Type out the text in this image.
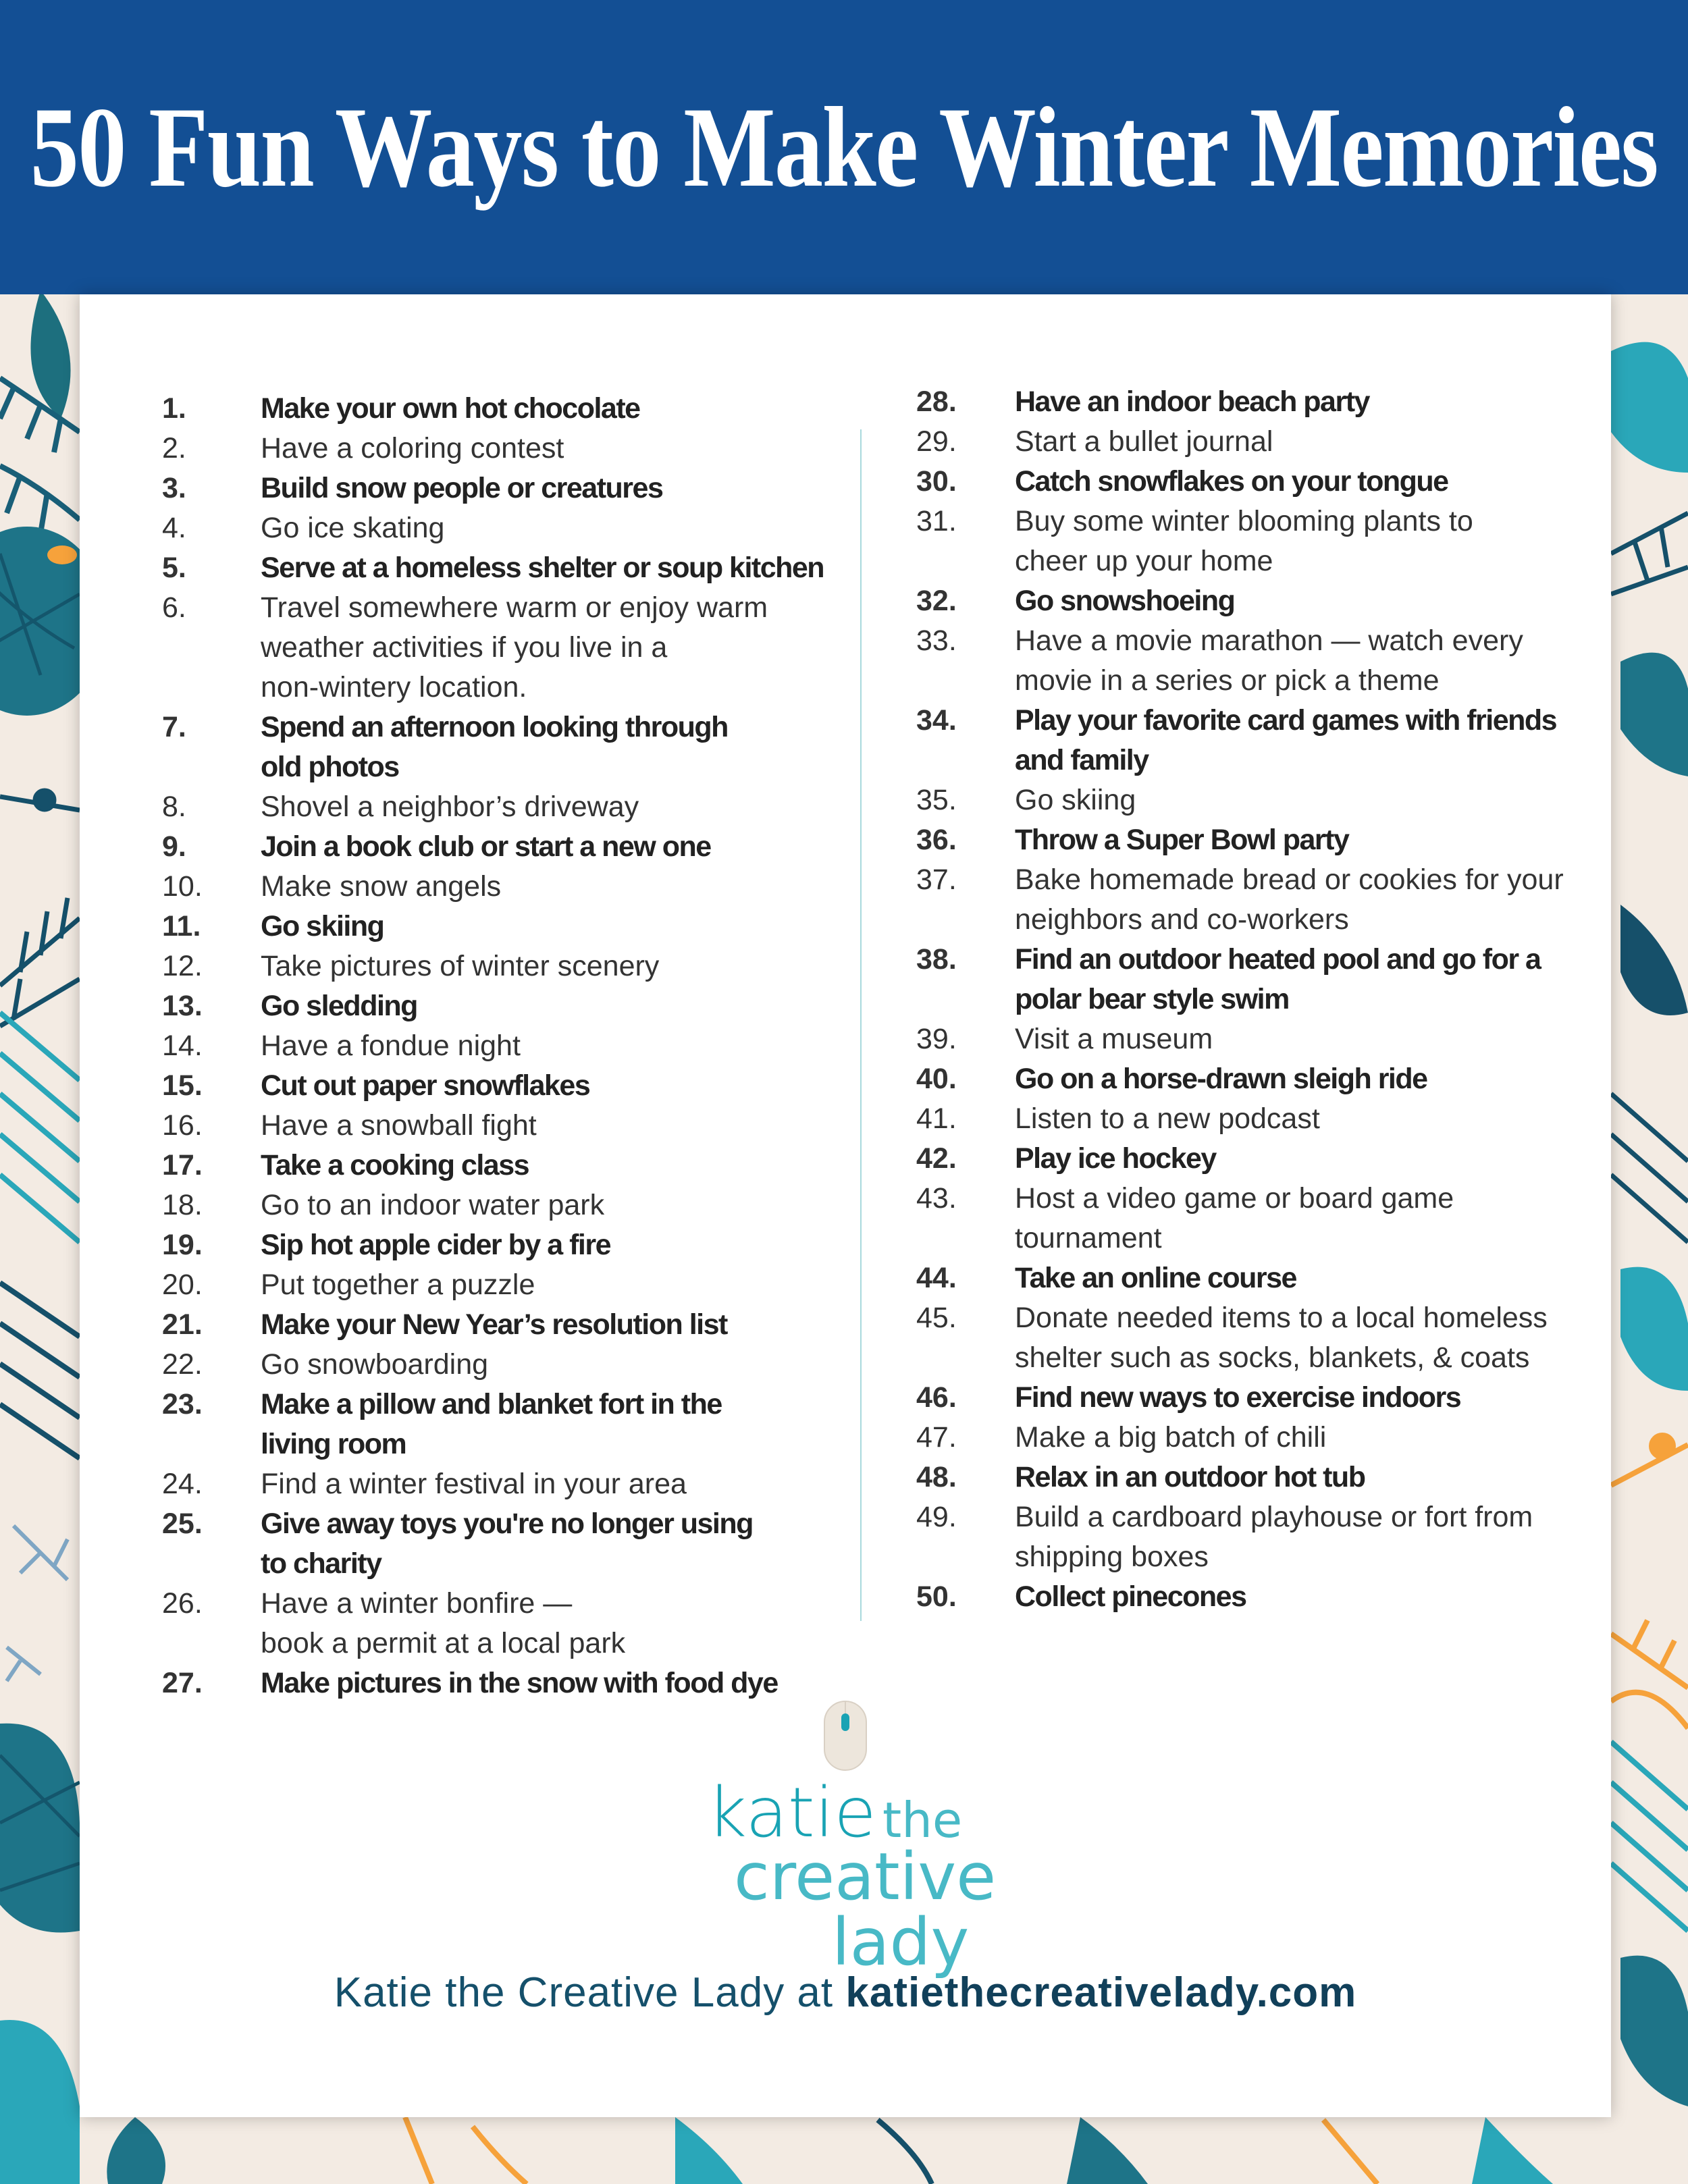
50 Fun Ways to Make Winter Memories
1.	Make your own hot chocolate
2.	Have a coloring contest
3.	Build snow people or creatures
4.	Go ice skating
5.	Serve at a homeless shelter or soup kitchen
6.	Travel somewhere warm or enjoy warm
weather activities if you live in a
non-wintery location.
7.	Spend an afternoon looking through
old photos
8.	Shovel a neighbor’s driveway
9.	Join a book club or start a new one
10.	Make snow angels
11.	Go skiing
12.	Take pictures of winter scenery
13.	Go sledding
14.	Have a fondue night
15.	Cut out paper snowflakes
16.	Have a snowball fight
17.	Take a cooking class
18.	Go to an indoor water park
19.	Sip hot apple cider by a fire
20.	Put together a puzzle
21.	Make your New Year’s resolution list
22.	Go snowboarding
23.	Make a pillow and blanket fort in the
living room
24.	Find a winter festival in your area
25.	Give away toys you're no longer using
to charity
26.	Have a winter bonfire —
book a permit at a local park
27.	Make pictures in the snow with food dye
28.	Have an indoor beach party
29.	Start a bullet journal
30.	Catch snowflakes on your tongue
31.	Buy some winter blooming plants to
cheer up your home
32.	Go snowshoeing
33.	Have a movie marathon — watch every
movie in a series or pick a theme
34.	Play your favorite card games with friends
and family
35.	Go skiing
36.	Throw a Super Bowl party
37.	Bake homemade bread or cookies for your
neighbors and co-workers
38.	Find an outdoor heated pool and go for a
polar bear style swim
39.	Visit a museum
40.	Go on a horse-drawn sleigh ride
41.	Listen to a new podcast
42.	Play ice hockey
43.	Host a video game or board game
tournament
44.	Take an online course
45.	Donate needed items to a local homeless
shelter such as socks, blankets, & coats
46.	Find new ways to exercise indoors
47.	Make a big batch of chili
48.	Relax in an outdoor hot tub
49.	Build a cardboard playhouse or fort from
shipping boxes
50.	Collect pinecones
katie the
creative
lady
Katie the Creative Lady at katiethecreativelady.com
